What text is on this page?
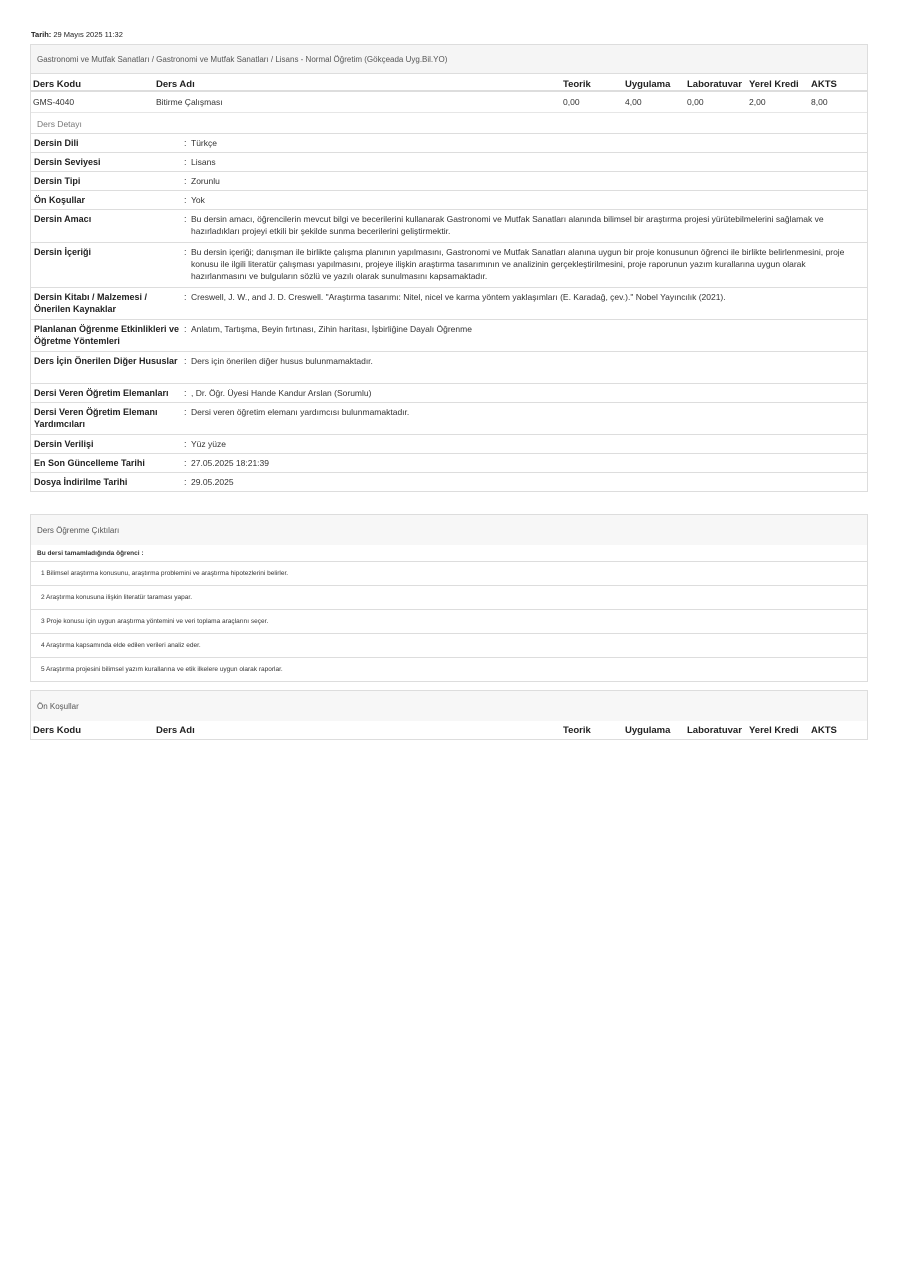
Tarih: 29 Mayıs 2025 11:32
Gastronomi ve Mutfak Sanatları / Gastronomi ve Mutfak Sanatları / Lisans - Normal Öğretim (Gökçeada Uyg.Bil.YO)
Ders Kodu	Ders Adı	Teorik	Uygulama	Laboratuvar Yerel Kredi	AKTS
GMS-4040	Bitirme Çalışması	0,00	4,00	0,00	2,00	8,00
Ders Detayı
Dersin Dili	: Türkçe
Dersin Seviyesi	: Lisans
Dersin Tipi	: Zorunlu
Ön Koşullar	: Yok
Dersin Amacı	: Bu dersin amacı, öğrencilerin mevcut bilgi ve becerilerini kullanarak Gastronomi ve Mutfak Sanatları alanında bilimsel bir araştırma projesi yürütebilmelerini sağlamak ve hazırladıkları projeyi etkili bir şekilde sunma becerilerini geliştirmektir.
Dersin İçeriği	: Bu dersin içeriği; danışman ile birlikte çalışma planının yapılmasını, Gastronomi ve Mutfak Sanatları alanına uygun bir proje konusunun öğrenci ile birlikte belirlenmesini, proje konusu ile ilgili literatür çalışması yapılmasını, projeye ilişkin araştırma tasarımının ve analizinin gerçekleştirilmesini, proje raporunun yazım kurallarına uygun olarak hazırlanmasını ve bulguların sözlü ve yazılı olarak sunulmasını kapsamaktadır.
Dersin Kitabı / Malzemesi / Önerilen Kaynaklar
: Creswell, J. W., and J. D. Creswell. "Araştırma tasarımı: Nitel, nicel ve karma yöntem yaklaşımları (E. Karadağ, çev.)." Nobel Yayıncılık (2021).
Planlanan Öğrenme Etkinlikleri ve Öğretme Yöntemleri
: Anlatım, Tartışma, Beyin fırtınası, Zihin haritası, İşbirliğine Dayalı Öğrenme
Ders İçin Önerilen Diğer Hususlar : Ders için önerilen diğer husus bulunmamaktadır.
Dersi Veren Öğretim Elemanları	: , Dr. Öğr. Üyesi Hande Kandur Arslan (Sorumlu)
Dersi Veren Öğretim Elemanı Yardımcıları
: Dersi veren öğretim elemanı yardımcısı bulunmamaktadır.
Dersin Verilişi	: Yüz yüze
En Son Güncelleme Tarihi	: 27.05.2025 18:21:39
Dosya İndirilme Tarihi	: 29.05.2025
Ders Öğrenme Çıktıları
Bu dersi tamamladığında öğrenci :
1 Bilimsel araştırma konusunu, araştırma problemini ve araştırma hipotezlerini belirler.
2 Araştırma konusuna ilişkin literatür taraması yapar.
3 Proje konusu için uygun araştırma yöntemini ve veri toplama araçlarını seçer.
4 Araştırma kapsamında elde edilen verileri analiz eder.
5 Araştırma projesini bilimsel yazım kurallarına ve etik ilkelere uygun olarak raporlar.
Ön Koşullar
Ders Kodu	Ders Adı	Teorik	Uygulama	Laboratuvar Yerel Kredi	AKTS
